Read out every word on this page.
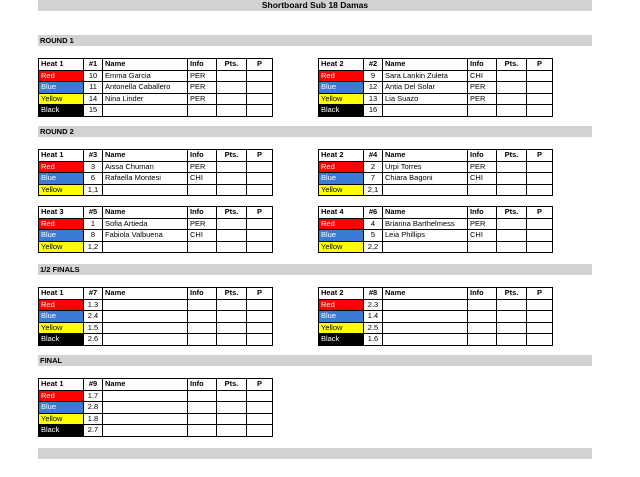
Shortboard Sub 18 Damas
ROUND 1
ROUND 2
1/2 FINALS
FINAL
Heat 1	#1	Name	Info	Pts.	P
Red	10	Emma Garcia	PER		
Blue	11	Antonella Caballero	PER		
Yellow	14	Nina Linder	PER		
Black	15				
Heat 2	#2	Name	Info	Pts.	P
Red	9	Sara Lankin Zuleta	CHI		
Blue	12	Antia Del Solar	PER		
Yellow	13	Lia Suazo	PER		
Black	16				
Heat 1	#3	Name	Info	Pts.	P
Red	3	Aissa Chuman	PER		
Blue	6	Rafaella Montesi	CHI		
Yellow	1,1				
Heat 2	#4	Name	Info	Pts.	P
Red	2	Urpi Torres	PER		
Blue	7	Chiara Bagoni	CHI		
Yellow	2,1				
Heat 3	#5	Name	Info	Pts.	P
Red	1	Sofia Artieda	PER		
Blue	8	Fabiola Valbuena	CHI		
Yellow	1,2				
Heat 4	#6	Name	Info	Pts.	P
Red	4	Brianna Barthelmess	PER		
Blue	5	Leia Phillips	CHI		
Yellow	2,2				
Heat 1	#7	Name	Info	Pts.	P
Red	1.3				
Blue	2.4				
Yellow	1.5				
Black	2.6				
Heat 2	#8	Name	Info	Pts.	P
Red	2.3				
Blue	1.4				
Yellow	2.5				
Black	1.6				
Heat 1	#9	Name	Info	Pts.	P
Red	1.7				
Blue	2.8				
Yellow	1.8				
Black	2.7				
